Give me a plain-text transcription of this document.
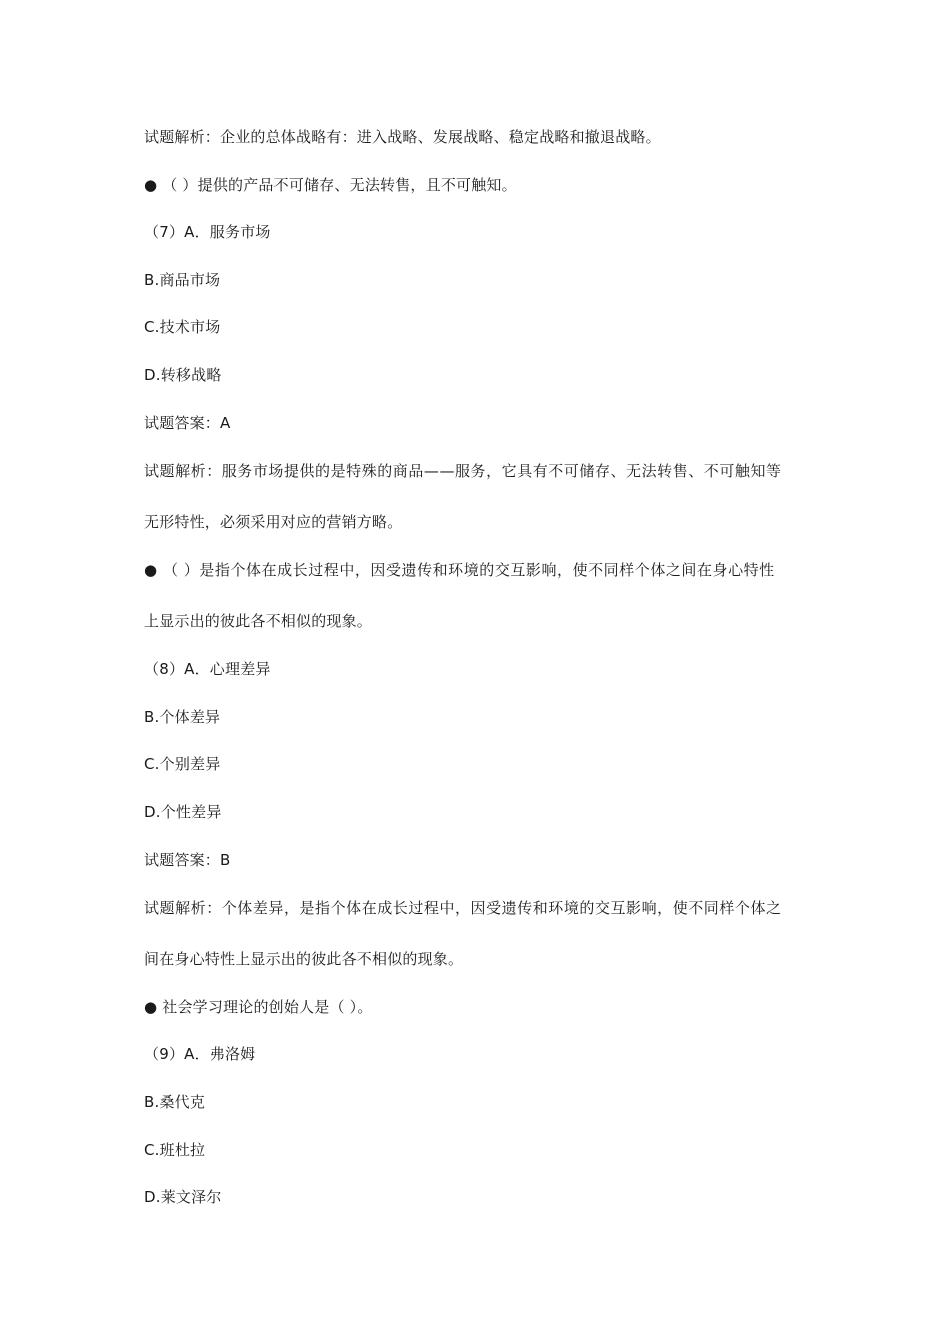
试题解析：企业的总体战略有：进入战略、发展战略、稳定战略和撤退战略。
● （ ）提供的产品不可储存、无法转售，且不可触知。
（7）A．服务市场
B.商品市场
C.技术市场
D.转移战略
试题答案：A
试题解析：服务市场提供的是特殊的商品——服务，它具有不可储存、无法转售、不可触知等
无形特性，必须采用对应的营销方略。
● （ ）是指个体在成长过程中，因受遗传和环境的交互影响，使不同样个体之间在身心特性
上显示出的彼此各不相似的现象。
（8）A．心理差异
B.个体差异
C.个别差异
D.个性差异
试题答案：B
试题解析：个体差异，是指个体在成长过程中，因受遗传和环境的交互影响，使不同样个体之
间在身心特性上显示出的彼此各不相似的现象。
● 社会学习理论的创始人是（ ）。
（9）A．弗洛姆
B.桑代克
C.班杜拉
D.莱文泽尔
